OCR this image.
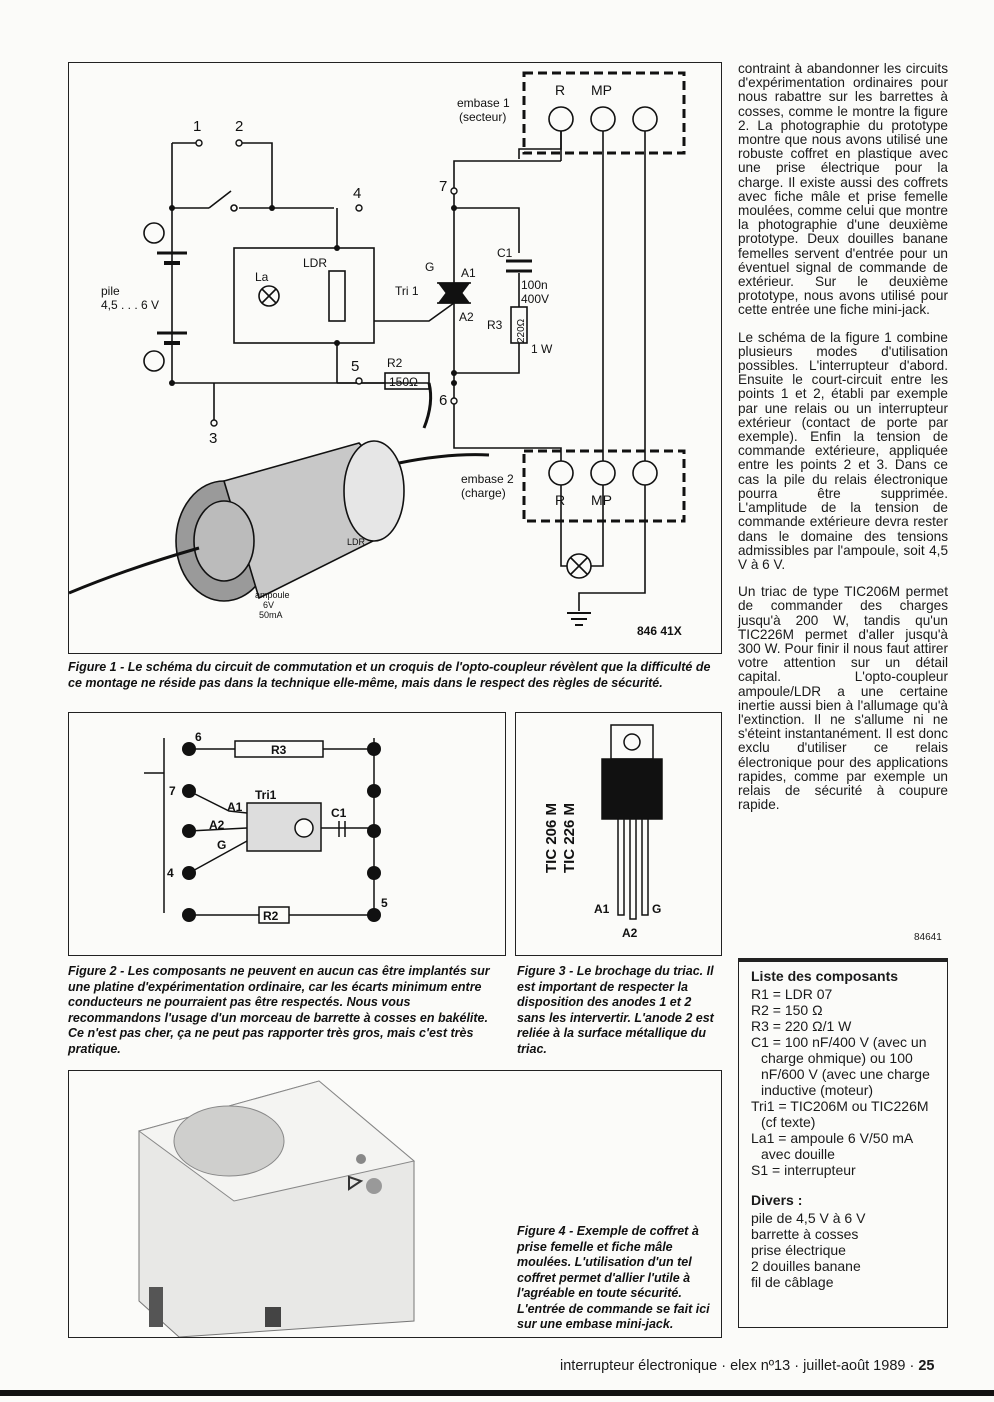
embase 1
(secteur)
R MP
1 2
4	7
5
6
3
pile
4,5 . . . 6 V
La
LDR	G A1
A2
Tri 1
C1
100n
400V
R3 220Ω
1 W
R2
150Ω
embase 2
(charge)	R MP
LDR
ampoule
6V
50mA
846 41X
Figure 1 - Le schéma du circuit de commutation et un croquis de l'opto-coupleur révèlent que la difficulté de ce montage ne réside pas dans la technique elle-même, mais dans le respect des règles de sécurité.
R3
R2
Tri1
A1
A2
G
C1
6
7
4
5
Figure 2 - Les composants ne peuvent en aucun cas être implantés sur une platine d'expérimentation ordinaire, car les écarts minimum entre conducteurs ne pourraient pas être respectés. Nous vous recommandons l'usage d'un morceau de barrette à cosses en bakélite. Ce n'est pas cher, ça ne peut pas rapporter très gros, mais c'est très pratique.
TIC 206 M TIC 226 M
A1
A2
G
Figure 3 - Le brochage du triac. Il est important de respecter la disposition des anodes 1 et 2 sans les intervertir. L'anode 2 est reliée à la surface métallique du triac.
Figure 4 - Exemple de coffret à prise femelle et fiche mâle moulées. L'utilisation d'un tel coffret permet d'allier l'utile à l'agréable en toute sécurité. L'entrée de commande se fait ici sur une embase mini-jack.

contraint à abandonner les circuits d'expérimentation ordinaires pour nous rabattre sur les barrettes à cosses, comme le montre la figure 2. La photographie du prototype montre que nous avons utilisé une robuste coffret en plastique avec une prise électrique pour la charge. Il existe aussi des coffrets avec fiche mâle et prise femelle moulées, comme celui que montre la photographie d'une deuxième prototype. Deux douilles banane femelles servent d'entrée pour un éventuel signal de commande de extérieur. Sur le deuxième prototype, nous avons utilisé pour cette entrée une fiche mini-jack.

Le schéma de la figure 1 combine plusieurs modes d'utilisation possibles. L'interrupteur d'abord. Ensuite le court-circuit entre les points 1 et 2, établi par exemple par une relais ou un interrupteur extérieur (contact de porte par exemple). Enfin la tension de commande extérieure, appliquée entre les points 2 et 3. Dans ce cas la pile du relais électronique pourra être supprimée. L'amplitude de la tension de commande extérieure devra rester dans le domaine des tensions admissibles par l'ampoule, soit 4,5 V à 6 V.

Un triac de type TIC206M permet de commander des charges jusqu'à 200 W, tandis qu'un TIC226M permet d'aller jusqu'à 300 W. Pour finir il nous faut attirer votre attention sur un détail capital. L'opto-coupleur ampoule/LDR a une certaine inertie aussi bien à l'allumage qu'à l'extinction. Il ne s'allume ni ne s'éteint instantanément. Il est donc exclu d'utiliser ce relais électronique pour des applications rapides, comme par exemple un relais de sécurité à coupure rapide.

84641
Liste des composants
R1 = LDR 07
R2 = 150 Ω
R3 = 220 Ω/1 W
C1 = 100 nF/400 V (avec un charge ohmique) ou 100 nF/600 V (avec une charge inductive (moteur)
Tri1 = TIC206M ou TIC226M (cf texte)
La1 = ampoule 6 V/50 mA avec douille
S1 = interrupteur
Divers :
pile de 4,5 V à 6 V
barrette à cosses
prise électrique
2 douilles banane
fil de câblage
interrupteur électronique · elex nº13 · juillet-août 1989 · 25
